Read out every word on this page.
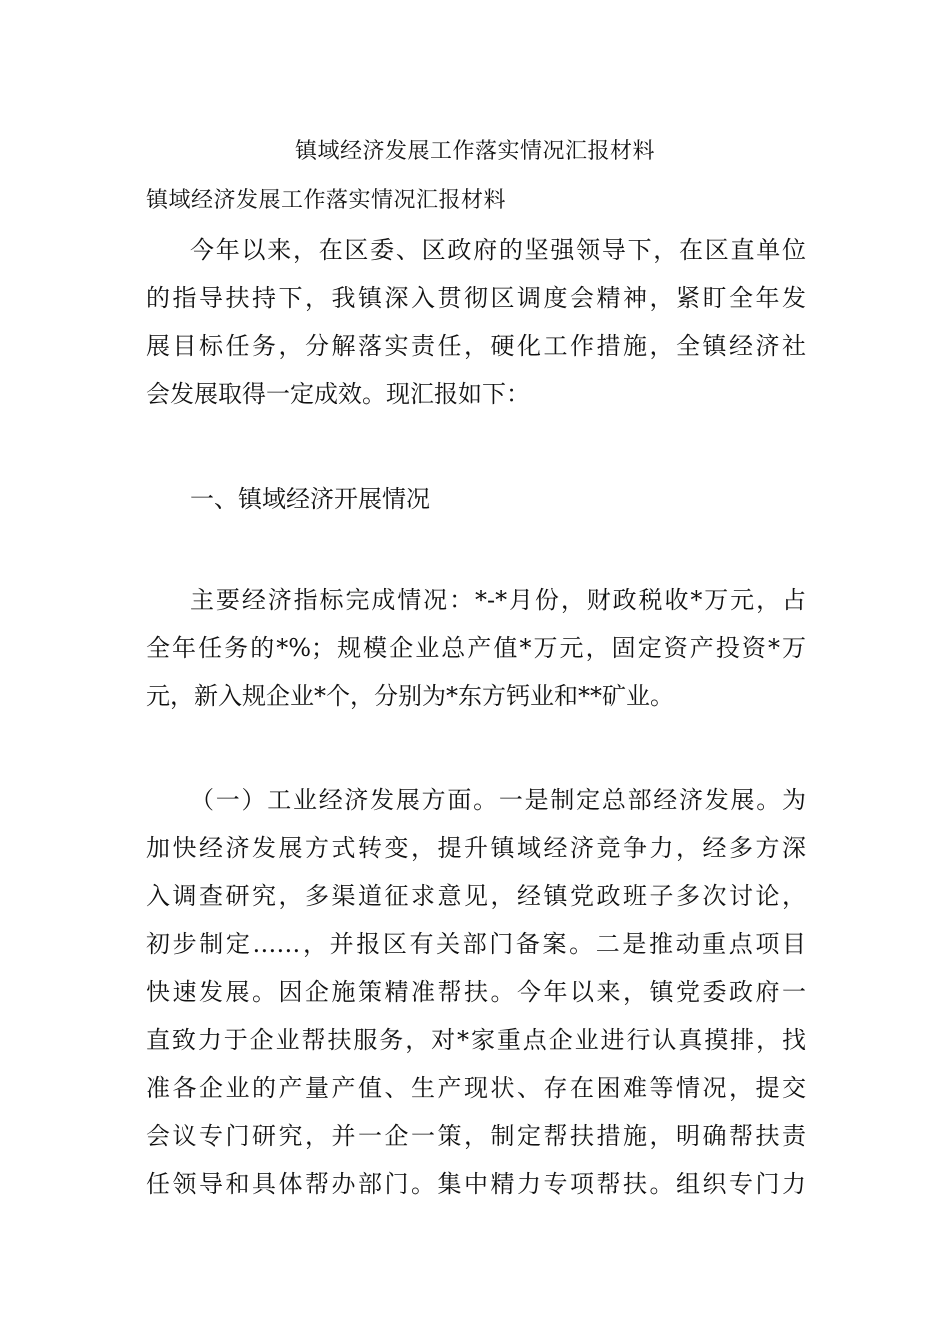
镇域经济发展工作落实情况汇报材料
镇域经济发展工作落实情况汇报材料
今年以来，在区委、区政府的坚强领导下，在区直单位
的指导扶持下，我镇深入贯彻区调度会精神，紧盯全年发
展目标任务，分解落实责任，硬化工作措施，全镇经济社
会发展取得一定成效。现汇报如下：
一、镇域经济开展情况
主要经济指标完成情况：*-*月份，财政税收*万元，占
全年任务的*%；规模企业总产值*万元，固定资产投资*万
元，新入规企业*个，分别为*东方钙业和**矿业。
（一）工业经济发展方面。一是制定总部经济发展。为
加快经济发展方式转变，提升镇域经济竞争力，经多方深
入调查研究，多渠道征求意见，经镇党政班子多次讨论，
初步制定……，并报区有关部门备案。二是推动重点项目
快速发展。因企施策精准帮扶。今年以来，镇党委政府一
直致力于企业帮扶服务，对*家重点企业进行认真摸排，找
准各企业的产量产值、生产现状、存在困难等情况，提交
会议专门研究，并一企一策，制定帮扶措施，明确帮扶责
任领导和具体帮办部门。集中精力专项帮扶。组织专门力
